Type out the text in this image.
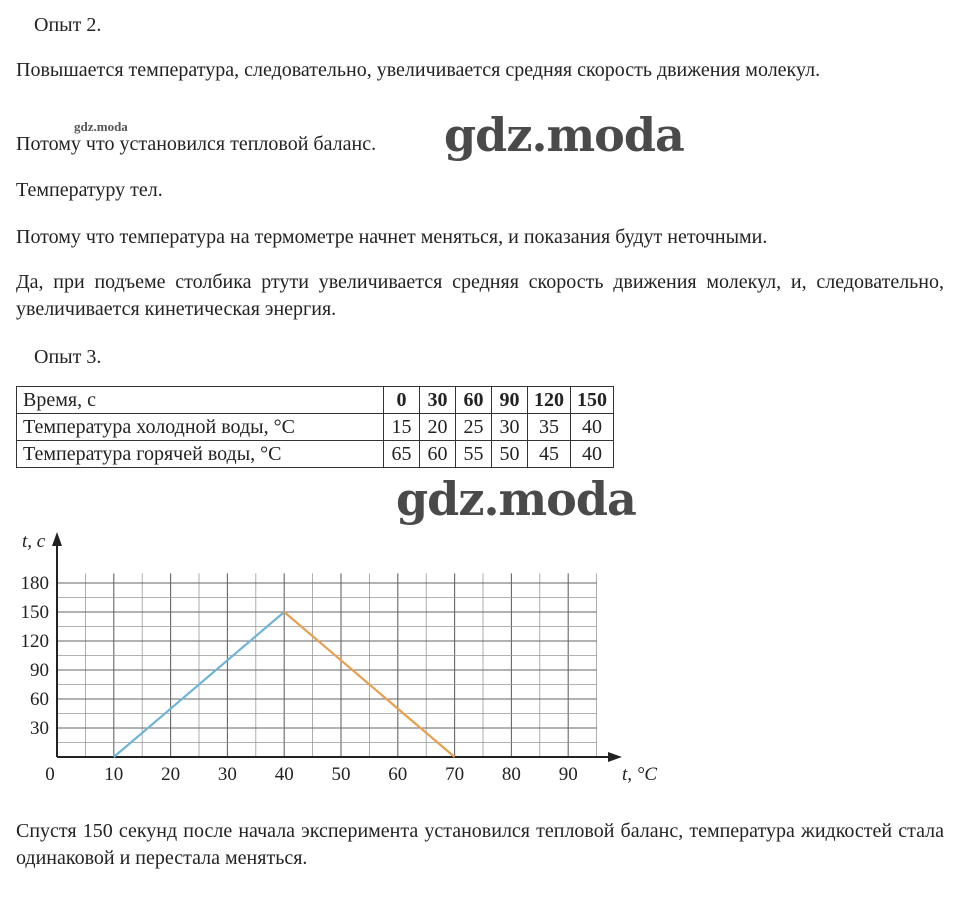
Опыт 2.
Повышается температура, следовательно, увеличивается средняя скорость движения молекул.
gdz.moda
Потому что установился тепловой баланс. gdz.moda
Температуру тел.
Потому что температура на термометре начнет меняться, и показания будут неточными.
Да, при подъеме столбика ртути увеличивается средняя скорость движения молекул, и, следовательно, увеличивается кинетическая энергия.
Опыт 3.
Время, с	0	30	60	90	120	150
Температура холодной воды, °C	15	20	25	30	35	40
Температура горячей воды, °C	65	60	55	50	45	40
gdz.moda
0	10 20 30 40 50 60 70 80 90
30
60
90
120
150
180
t, c
t, °C
Спустя 150 секунд после начала эксперимента установился тепловой баланс, температура жидкостей стала одинаковой и перестала меняться.
